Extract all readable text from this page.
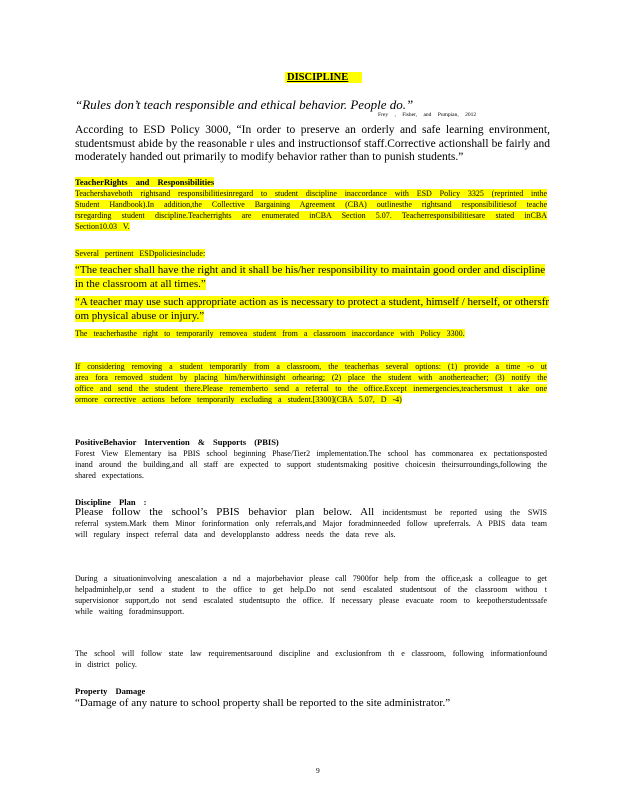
DISCIPLINE
“Rules don’t teach responsible and ethical behavior. People do.”
Frey , Fisher, and Pumpian, 2012
According to ESD Policy 3000, “In order to preserve an orderly and safe learning environment, studentsmust abide by the reasonable r ules and instructionsof staff.Corrective actionshall be fairly and moderately handed out primarily to modify behavior rather than to punish students.”
TeacherRights and Responsibilities
Teachershaveboth rightsand responsibilitiesinregard to student discipline inaccordance with ESD Policy 3325 (reprinted inthe Student Handbook).In addition,the Collective Bargaining Agreement (CBA) outlinesthe rightsand responsibilitiesof teache rsregarding student discipline.Teacherrights are enumerated inCBA Section 5.07. Teacherresponsibilitiesare stated inCBA Section10.03 V.
Several pertinent ESDpoliciesinclude:
“The teacher shall have the right and it shall be his/her responsibility to maintain good order and discipline in the classroom at all times.”
“A teacher may use such appropriate action as is necessary to protect a student, himself / herself, or othersfr om physical abuse or injury.”
The teacherhasthe right to temporarily removea student from a classroom inaccordance with Policy 3300.
If considering removing a student temporarily from a classroom, the teacherhas several options: (1) provide a time -o ut area fora removed student by placing him/herwithinsight orhearing; (2) place the student with anotherteacher; (3) notify the office and send the student there.Please rememberto send a referral to the office.Except inemergencies,teachersmust t ake one ormore corrective actions before temporarily excluding a student.[3300](CBA 5.07, D -4)
PositiveBehavior Intervention & Supports (PBIS)
Forest View Elementary isa PBIS school beginning Phase/Tier2 implementation.The school has commonarea ex pectationsposted inand around the building,and all staff are expected to support studentsmaking positive choicesin theirsurroundings,following the shared expectations.
Discipline Plan :
Please follow the school’s PBIS behavior plan below. All incidentsmust be reported using the SWIS referral system.Mark them Minor forinformation only referrals,and Major foradminneeded follow upreferrals. A PBIS data team will regulary inspect referral data and developplansto address needs the data reve als.
During a situationinvolving anescalation a nd a majorbehavior please call 7900for help from the office,ask a colleague to get helpadminhelp,or send a student to the office to get help.Do not send escalated studentsout of the classroom withou t supervisionor support,do not send escalated studentsupto the office. If necessary please evacuate room to keepotherstudentssafe while waiting foradminsupport.
The school will follow state law requirementsaround discipline and exclusionfrom th e classroom, following informationfound in district policy.
Property Damage
“Damage of any nature to school property shall be reported to the site administrator.”
9
